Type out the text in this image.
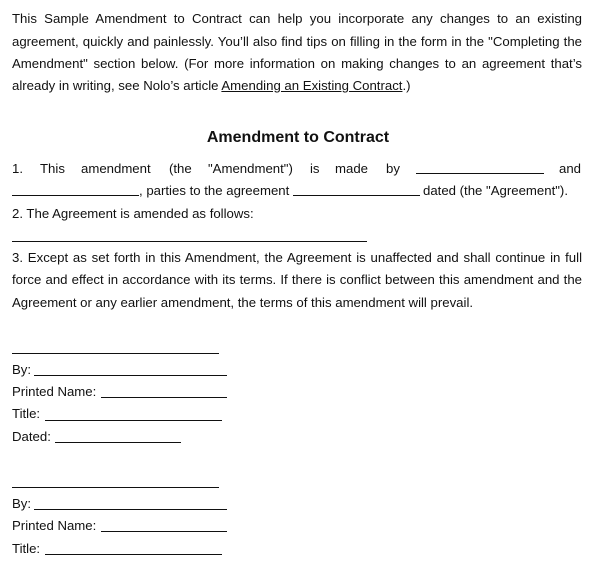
This Sample Amendment to Contract can help you incorporate any changes to an existing
agreement, quickly and painlessly. You’ll also find tips on filling in the form in the "Completing the
Amendment" section below. (For more information on making changes to an agreement that’s
already in writing, see Nolo’s article Amending an Existing Contract.)
Amendment to Contract
1. This amendment (the "Amendment") is made by	and
, parties to the agreement	dated (the "Agreement").
2. The Agreement is amended as follows:
3. Except as set forth in this Amendment, the Agreement is unaffected and shall continue in full
force and effect in accordance with its terms. If there is conflict between this amendment and the
Agreement or any earlier amendment, the terms of this amendment will prevail.
By:
Printed Name:
Title:
Dated:
By:
Printed Name:
Title:
